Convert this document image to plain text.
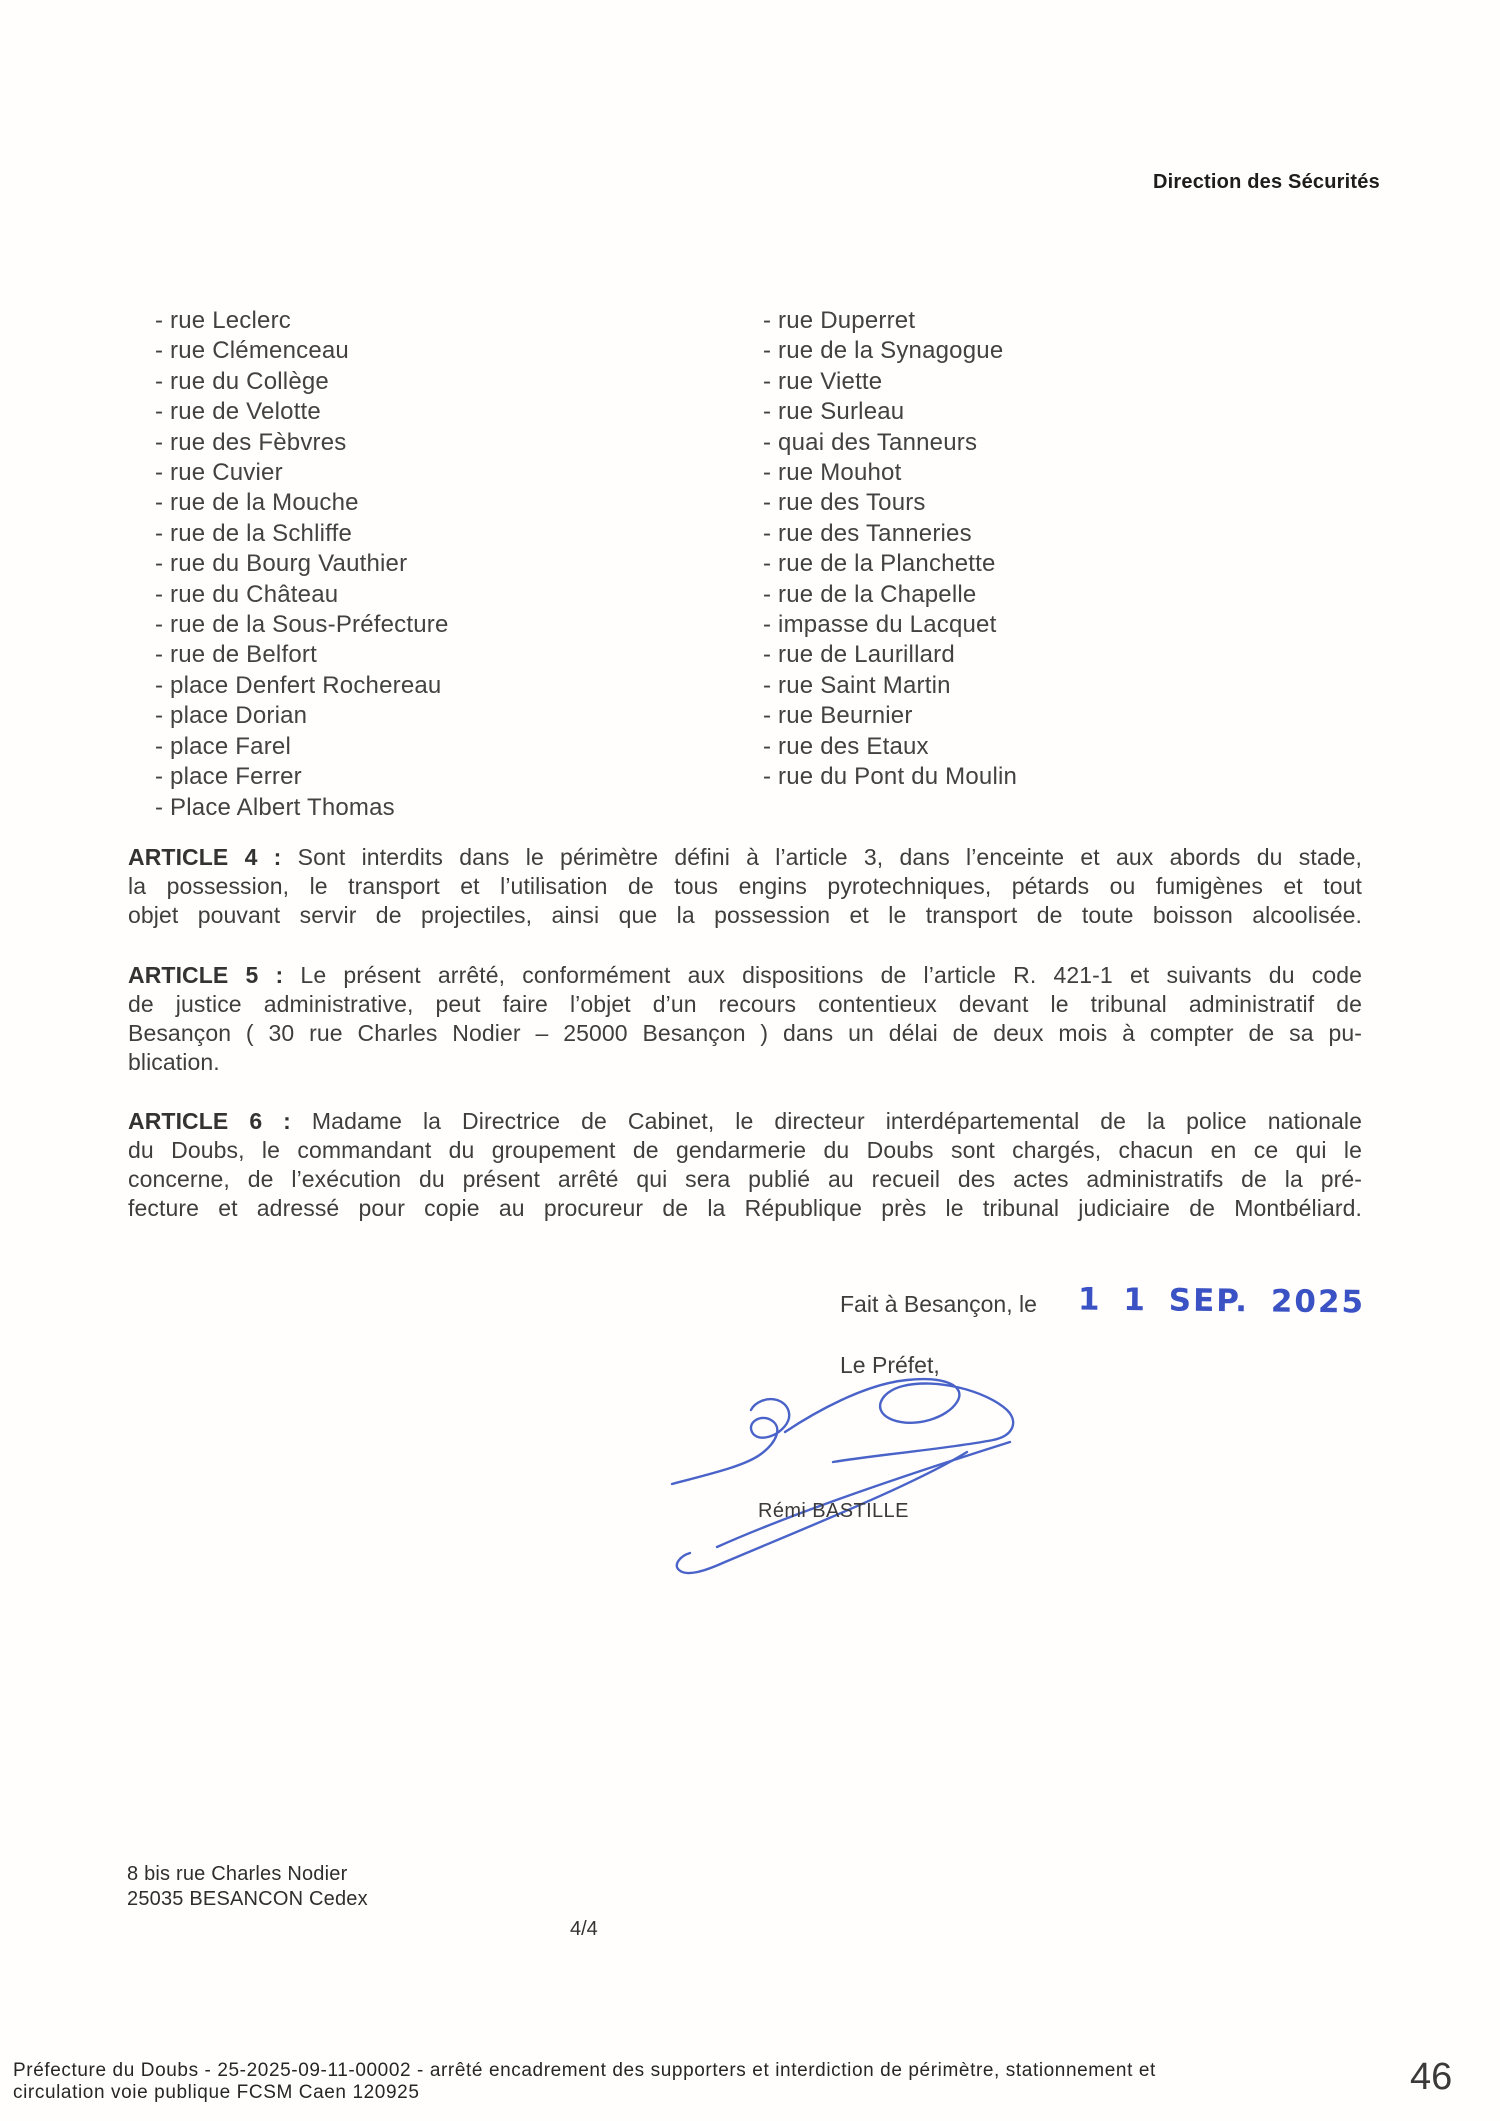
Direction des Sécurités
- rue Leclerc
- rue Clémenceau
- rue du Collège
- rue de Velotte
- rue des Fèbvres
- rue Cuvier
- rue de la Mouche
- rue de la Schliffe
- rue du Bourg Vauthier
- rue du Château
- rue de la Sous-Préfecture
- rue de Belfort
- place Denfert Rochereau
- place Dorian
- place Farel
- place Ferrer
- Place Albert Thomas
- rue Duperret
- rue de la Synagogue
- rue Viette
- rue Surleau
- quai des Tanneurs
- rue Mouhot
- rue des Tours
- rue des Tanneries
- rue de la Planchette
- rue de la Chapelle
- impasse du Lacquet
- rue de Laurillard
- rue Saint Martin
- rue Beurnier
- rue des Etaux
- rue du Pont du Moulin
ARTICLE 4 : Sont interdits dans le périmètre défini à l’article 3, dans l’enceinte et aux abords du stade,
la possession, le transport et l’utilisation de tous engins pyrotechniques, pétards ou fumigènes et tout
objet pouvant servir de projectiles, ainsi que la possession et le transport de toute boisson alcoolisée.
ARTICLE 5 : Le présent arrêté, conformément aux dispositions de l’article R. 421-1 et suivants du code
de justice administrative, peut faire l’objet d’un recours contentieux devant le tribunal administratif de
Besançon ( 30 rue Charles Nodier – 25000 Besançon ) dans un délai de deux mois à compter de sa pu-
blication.
ARTICLE 6 : Madame la Directrice de Cabinet, le directeur interdépartemental de la police nationale
du Doubs, le commandant du groupement de gendarmerie du Doubs sont chargés, chacun en ce qui le
concerne, de l’exécution du présent arrêté qui sera publié au recueil des actes administratifs de la pré-
fecture et adressé pour copie au procureur de la République près le tribunal judiciaire de Montbéliard.
Fait à Besançon, le 1 1 SEP. 2025
Le Préfet,
Rémi BASTILLE
8 bis rue Charles Nodier
25035 BESANCON Cedex
4/4
Préfecture du Doubs - 25-2025-09-11-00002 - arrêté encadrement des supporters et interdiction de périmètre, stationnement et
circulation voie publique FCSM Caen 120925	46
